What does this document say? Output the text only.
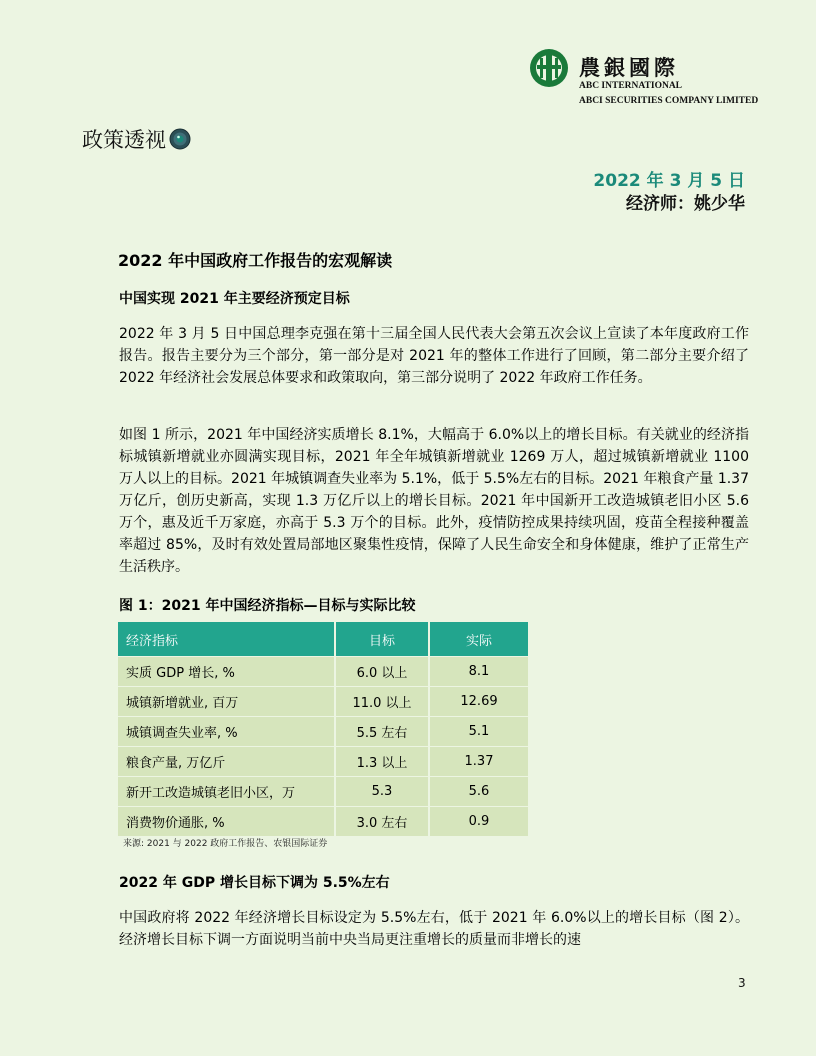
農銀國際
ABC INTERNATIONAL
ABCI SECURITIES COMPANY LIMITED
政策透视
2022 年 3 月 5 日
经济师：姚少华
2022 年中国政府工作报告的宏观解读
中国实现 2021 年主要经济预定目标
2022 年 3 月 5 日中国总理李克强在第十三届全国人民代表大会第五次会议上宣读了本年度政府工作报告。报告主要分为三个部分，第一部分是对 2021 年的整体工作进行了回顾，第二部分主要介绍了 2022 年经济社会发展总体要求和政策取向，第三部分说明了 2022 年政府工作任务。
如图 1 所示，2021 年中国经济实质增长 8.1%，大幅高于 6.0%以上的增长目标。有关就业的经济指标城镇新增就业亦圆满实现目标，2021 年全年城镇新增就业 1269 万人，超过城镇新增就业 1100 万人以上的目标。2021 年城镇调查失业率为 5.1%，低于 5.5%左右的目标。2021 年粮食产量 1.37 万亿斤，创历史新高，实现 1.3 万亿斤以上的增长目标。2021 年中国新开工改造城镇老旧小区 5.6 万个，惠及近千万家庭，亦高于 5.3 万个的目标。此外，疫情防控成果持续巩固，疫苗全程接种覆盖率超过 85%，及时有效处置局部地区聚集性疫情，保障了人民生命安全和身体健康，维护了正常生产生活秩序。
图 1：2021 年中国经济指标—目标与实际比较
经济指标	目标	实际
实质 GDP 增长, %	6.0 以上	8.1
城镇新增就业, 百万	11.0 以上	12.69
城镇调查失业率, %	5.5 左右	5.1
粮食产量, 万亿斤	1.3 以上	1.37
新开工改造城镇老旧小区，万	5.3	5.6
消费物价通胀, %	3.0 左右	0.9
来源: 2021 与 2022 政府工作报告、农银国际证券
2022 年 GDP 增长目标下调为 5.5%左右
中国政府将 2022 年经济增长目标设定为 5.5%左右，低于 2021 年 6.0%以上的增长目标（图 2）。经济增长目标下调一方面说明当前中央当局更注重增长的质量而非增长的速
3
